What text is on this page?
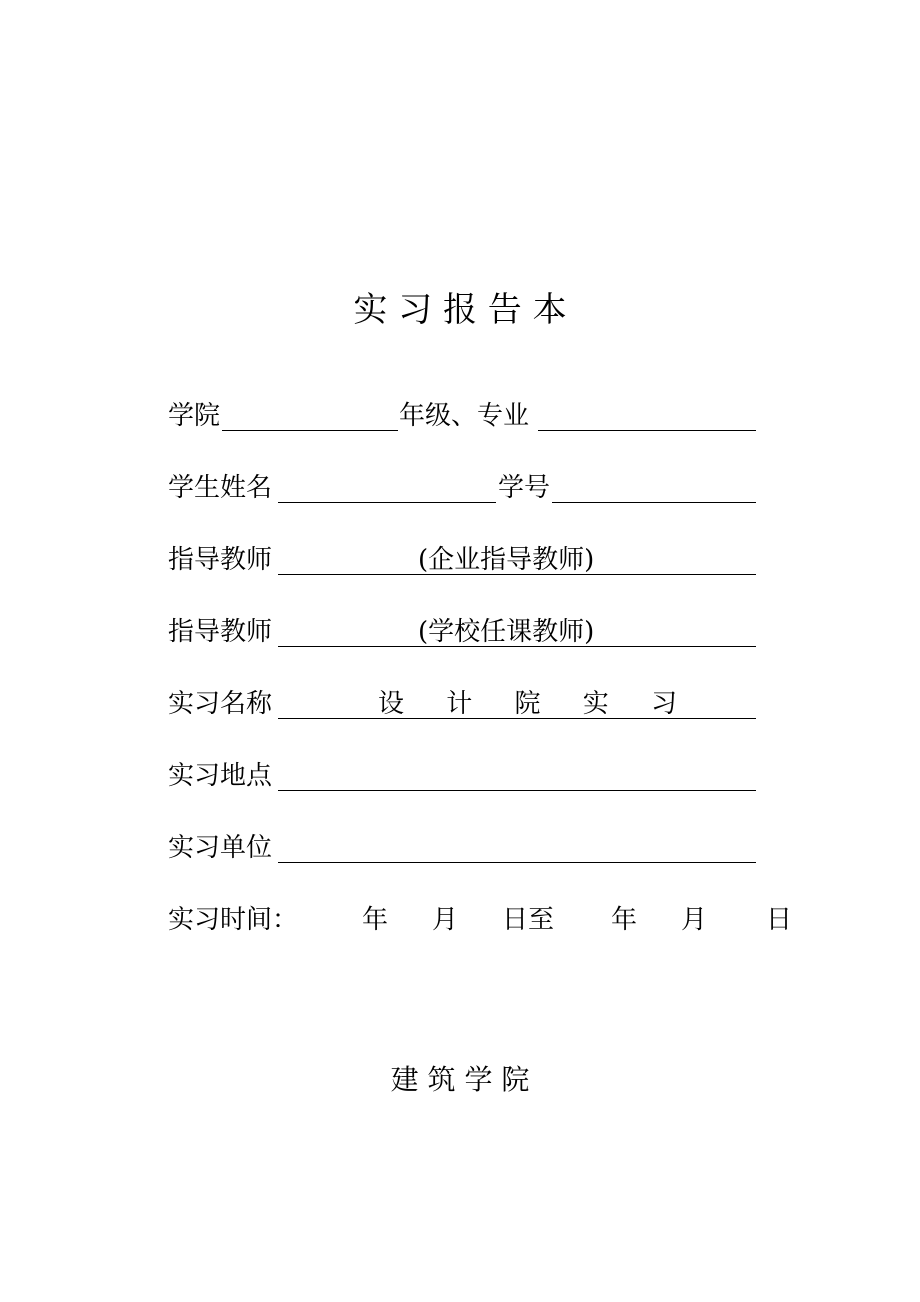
实 习 报 告 本
学院	年级、专业
学生姓名	学号
指导教师	(企业指导教师)
指导教师	(学校任课教师)
实习名称	设 计 院 实 习
实习地点
实习单位
实习时间： 年 月 日至 年 月 日
建 筑 学 院
